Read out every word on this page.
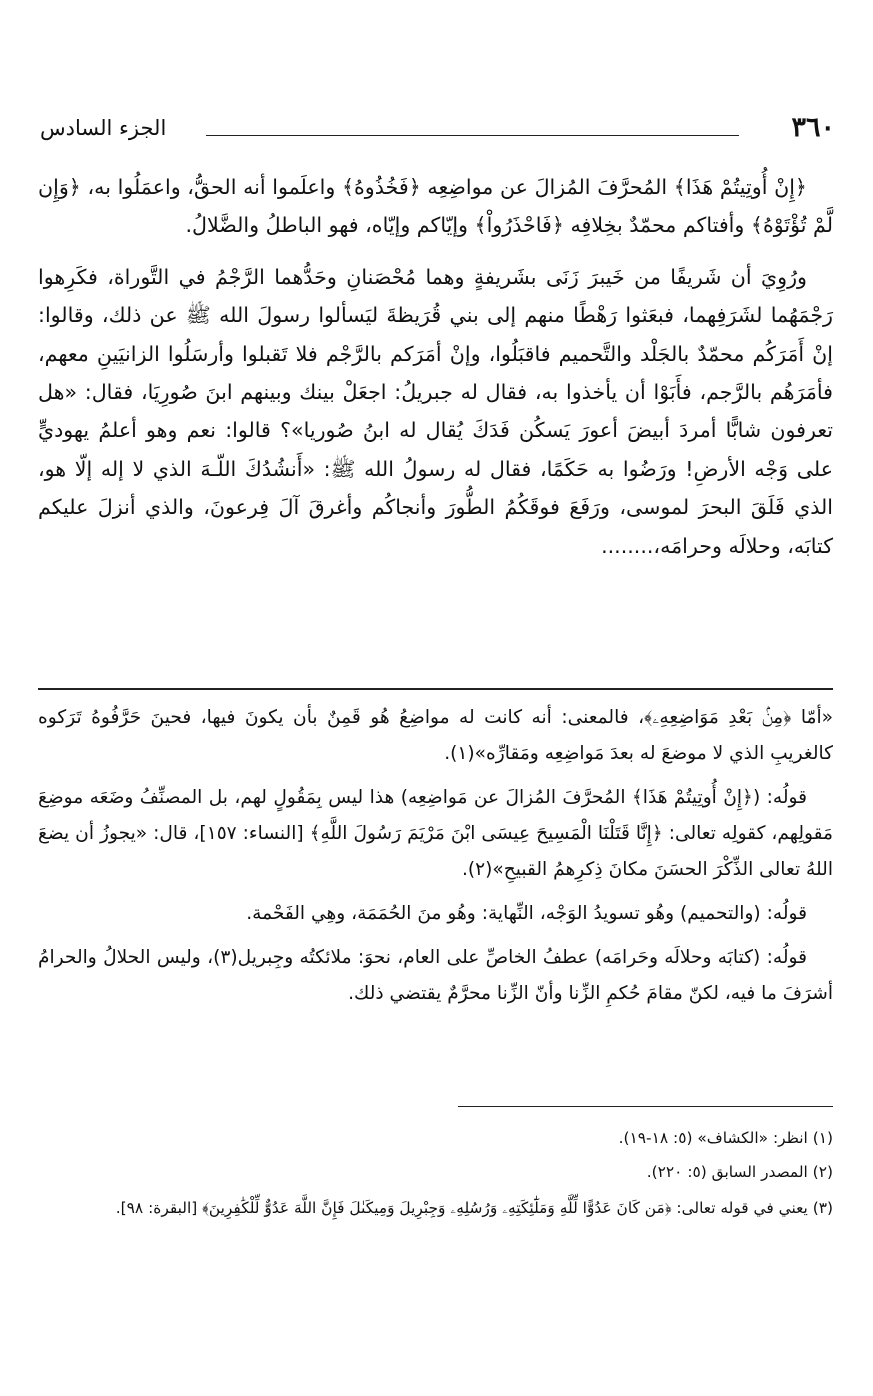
٣٦٠
الجزء السادس

﴿إِنْ أُوتِيتُمْ هَذَا﴾ المُحرَّفَ المُزالَ عن مواضِعِه ﴿فَخُذُوهُ﴾ واعلَموا أنه الحقُّ، واعمَلُوا به، ﴿وَإِن لَّمْ تُؤْتَوْهُ﴾ وأفتاكم محمّدٌ بخِلافِه ﴿فَاحْذَرُواْ﴾ وإيّاكم وإيّاه، فهو الباطلُ والضَّلالُ.

ورُوِيَ أن شَريفًا من خَيبرَ زَنَى بشَريفةٍ وهما مُحْصَنانِ وحَدُّهما الرَّجْمُ في التَّوراة، فكَرِهوا رَجْمَهُما لشَرَفِهما، فبعَثوا رَهْطًا منهم إلى بني قُرَيظةَ ليَسألوا رسولَ الله ﷺ عن ذلك، وقالوا: إنْ أَمَرَكُم محمّدٌ بالجَلْد والتَّحميم فاقبَلُوا، وإنْ أمَرَكم بالرَّجْم فلا تَقبلوا وأرسَلُوا الزانيَينِ معهم، فأمَرَهُم بالرَّجم، فأَبَوْا أن يأخذوا به، فقال له جبريلُ: اجعَلْ بينك وبينهم ابنَ صُورِيَا، فقال: «هل تعرفون شابًّا أمردَ أبيضَ أعورَ يَسكُن فَدَكَ يُقال له ابنُ صُوريا»؟ قالوا: نعم وهو أعلمُ يهوديٍّ على وَجْه الأرضِ! ورَضُوا به حَكَمًا، فقال له رسولُ الله ﷺ: «أَنشُدُكَ اللّـهَ الذي لا إله إلّا هو، الذي فَلَقَ البحرَ لموسى، ورَفَعَ فوقَكُمُ الطُّورَ وأنجاكُم وأغرقَ آلَ فِرعونَ، والذي أنزلَ عليكم كتابَه، وحلالَه وحرامَه،........

«أمّا ﴿مِنۢ بَعْدِ مَوَاضِعِهِۦ﴾، فالمعنى: أنه كانت له مواضِعُ هُو قَمِنٌ بأن يكونَ فيها، فحينَ حَرَّفُوهُ تَرَكوه كالغريبِ الذي لا موضعَ له بعدَ مَواضِعِه ومَقارِّه»(١).

قولُه: (﴿إِنْ أُوتِيتُمْ هَذَا﴾ المُحرَّفَ المُزالَ عن مَواضِعِه) هذا ليس بِمَقُولٍ لهم، بل المصنِّفُ وضَعَه موضِعَ مَقولِهم، كقولِه تعالى: ﴿إِنَّا قَتَلْنَا الْمَسِيحَ عِيسَى ابْنَ مَرْيَمَ رَسُولَ اللَّهِ﴾ [النساء: ١٥٧]، قال: «يجوزُ أن يضعَ اللهُ تعالى الذِّكْرَ الحسَنَ مكانَ ذِكرِهمُ القبيحِ»(٢).

قولُه: (والتحميم) وهُو تسويدُ الوَجْه، النِّهاية: وهُو منَ الحُمَمَة، وهِي الفَحْمة.

قولُه: (كتابَه وحلالَه وحَرامَه) عطفُ الخاصِّ على العام، نحوَ: ملائكتُه وجِبريل(٣)، وليس الحلالُ والحرامُ أشرَفَ ما فيه، لكنّ مقامَ حُكمِ الزِّنا وأنّ الزِّنا محرَّمٌ يقتضي ذلك.

(١) انظر: «الكشاف» (٥: ١٨-١٩).

(٢) المصدر السابق (٥: ٢٢٠).

(٣) يعني في قوله تعالى: ﴿مَن كَانَ عَدُوًّا لِّلَّهِ وَمَلَٰٓئِكَتِهِۦ وَرُسُلِهِۦ وَجِبْرِيلَ وَمِيكَىٰلَ فَإِنَّ اللَّهَ عَدُوٌّ لِّلْكَٰفِرِينَ﴾ [البقرة: ٩٨].
